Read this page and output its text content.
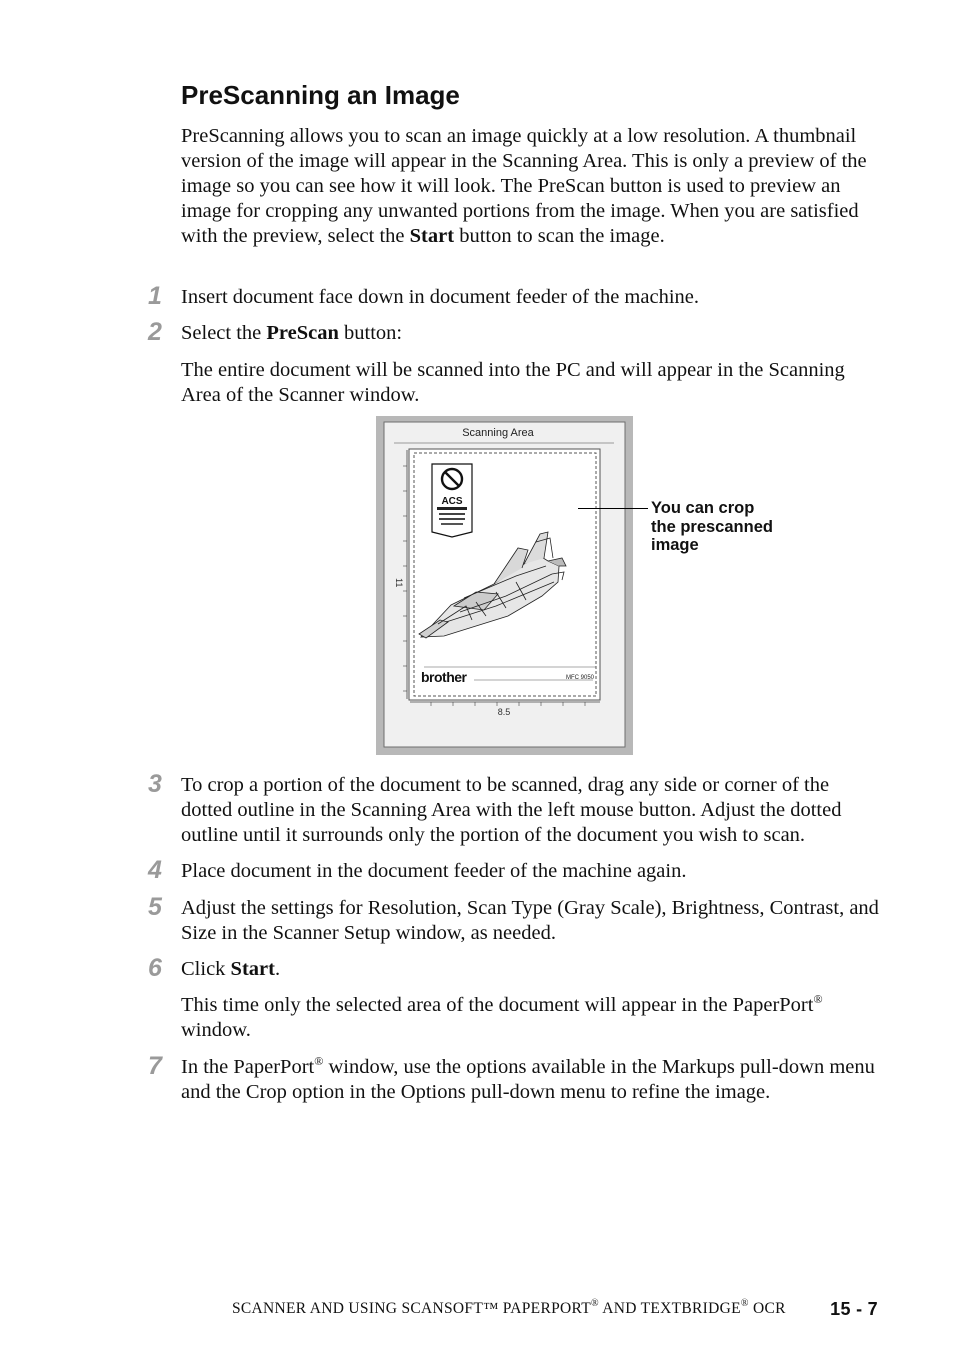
PreScanning an Image

PreScanning allows you to scan an image quickly at a low resolution. A thumbnail version of the image will appear in the Scanning Area. This is only a preview of the image so you can see how it will look. The PreScan button is used to preview an image for cropping any unwanted portions from the image. When you are satisfied with the preview, select the Start button to scan the image.

1 Insert document face down in document feeder of the machine.

2 Select the PreScan button:

The entire document will be scanned into the PC and will appear in the Scanning Area of the Scanner window.

Scanning Area
11
8.5
ACS
brother	MFC 9050
You can crop
the prescanned
image
3 To crop a portion of the document to be scanned, drag any side or corner of the dotted outline in the Scanning Area with the left mouse button. Adjust the dotted outline until it surrounds only the portion of the document you wish to scan.

4 Place document in the document feeder of the machine again.

5 Adjust the settings for Resolution, Scan Type (Gray Scale), Brightness, Contrast, and Size in the Scanner Setup window, as needed.

6 Click Start.

This time only the selected area of the document will appear in the PaperPort® window.

7 In the PaperPort® window, use the options available in the Markups pull-down menu and the Crop option in the Options pull-down menu to refine the image.

SCANNER AND USING SCANSOFT™ PAPERPORT® AND TEXTBRIDGE® OCR 15 - 7
